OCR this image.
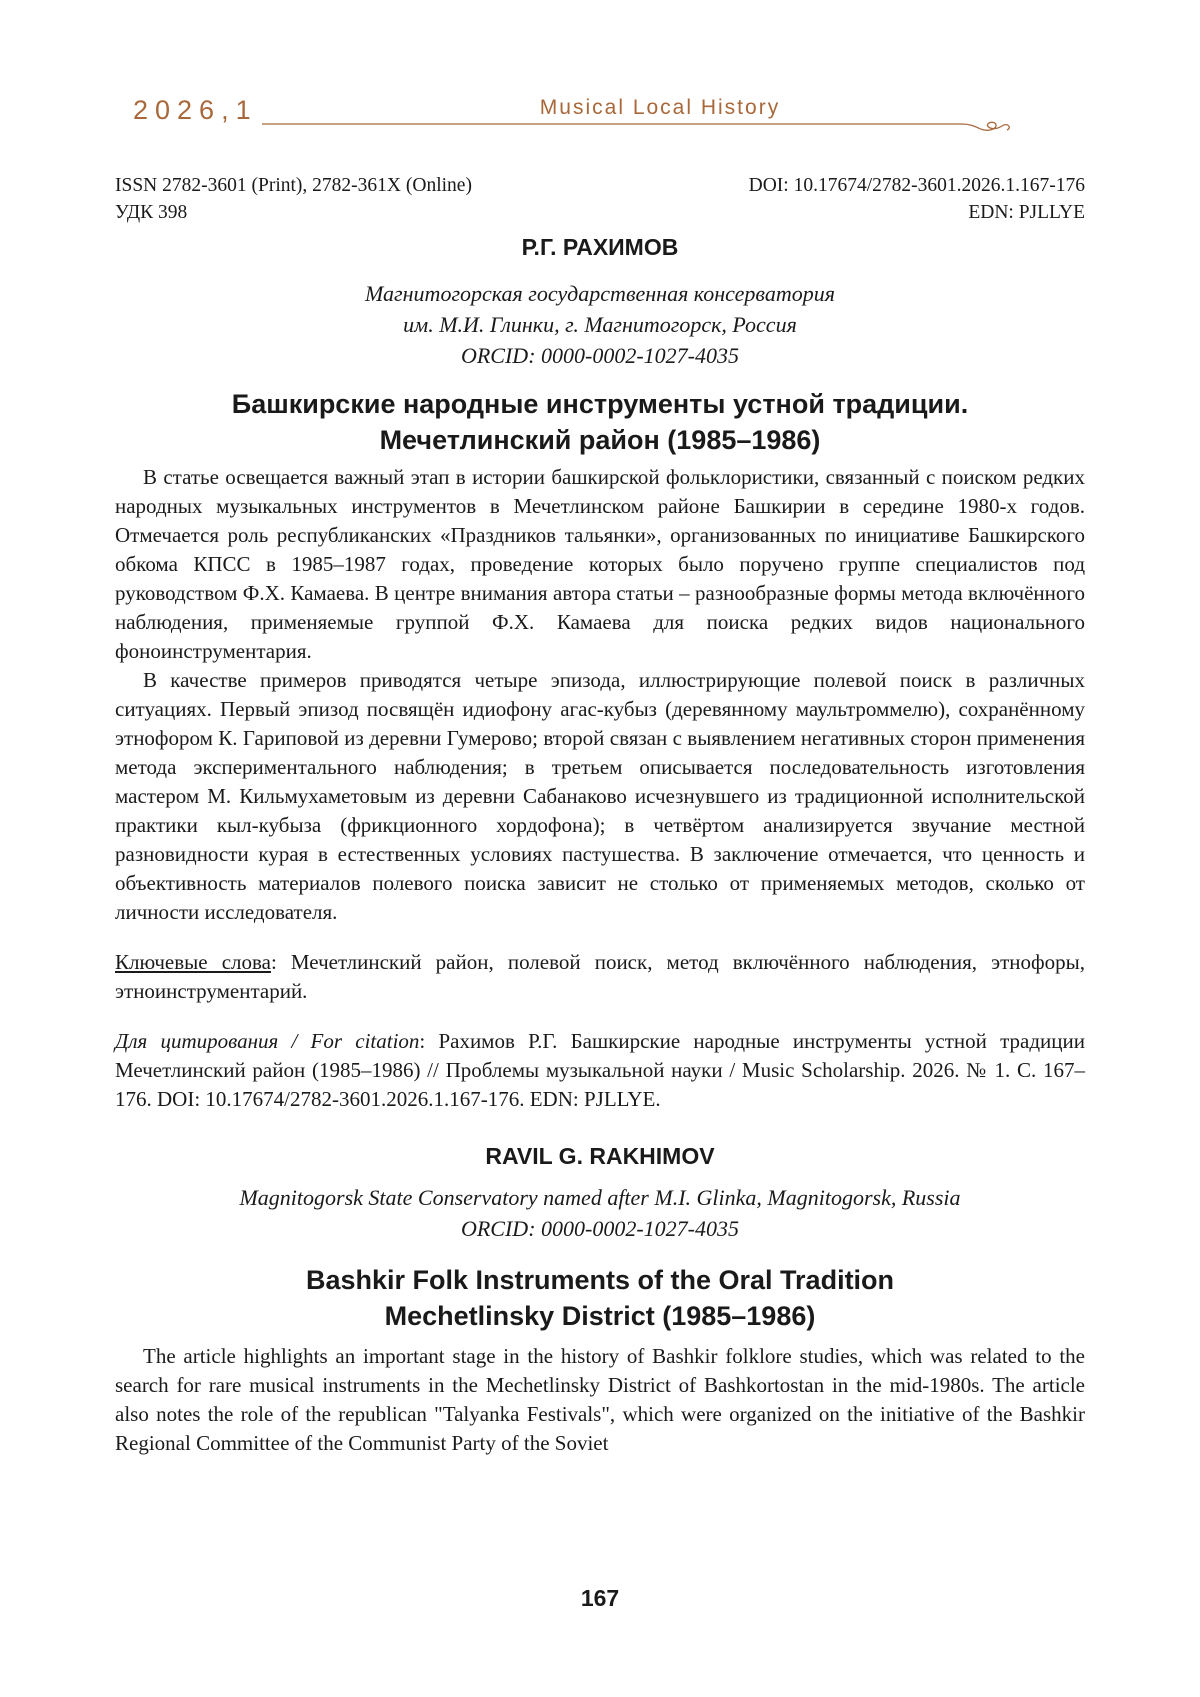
2026,1	Musical Local History
ISSN 2782-3601 (Print), 2782-361X (Online)	DOI: 10.17674/2782-3601.2026.1.167-176
УДК 398	EDN: PJLLYE
Р.Г. РАХИМОВ
Магнитогорская государственная консерватория
им. М.И. Глинки, г. Магнитогорск, Россия
ORCID: 0000-0002-1027-4035
Башкирские народные инструменты устной традиции.
Мечетлинский район (1985–1986)

В статье освещается важный этап в истории башкирской фольклористики, связанный с поиском редких народных музыкальных инструментов в Мечетлинском районе Башкирии в середине 1980-х годов. Отмечается роль республиканских «Праздников тальянки», организованных по инициативе Башкирского обкома КПСС в 1985–1987 годах, проведение которых было поручено группе специалистов под руководством Ф.Х. Камаева. В центре внимания автора статьи – разнообразные формы метода включённого наблюдения, применяемые группой Ф.Х. Камаева для поиска редких видов национального фоноинструментария.

В качестве примеров приводятся четыре эпизода, иллюстрирующие полевой поиск в различных ситуациях. Первый эпизод посвящён идиофону агас-кубыз (деревянному маультроммелю), сохранённому этнофором К. Гариповой из деревни Гумерово; второй связан с выявлением негативных сторон применения метода экспериментального наблюдения; в третьем описывается последовательность изготовления мастером М. Кильмухаметовым из деревни Сабанаково исчезнувшего из традиционной исполнительской практики кыл-кубыза (фрикционного хордофона); в четвёртом анализируется звучание местной разновидности курая в естественных условиях пастушества. В заключение отмечается, что ценность и объективность материалов полевого поиска зависит не столько от применяемых методов, сколько от личности исследователя.

Ключевые слова: Мечетлинский район, полевой поиск, метод включённого наблюдения, этнофоры, этноинструментарий.

Для цитирования / For citation: Рахимов Р.Г. Башкирские народные инструменты устной традиции Мечетлинский район (1985–1986) // Проблемы музыкальной науки / Music Scholarship. 2026. № 1. С. 167–176. DOI: 10.17674/2782-3601.2026.1.167-176. EDN: PJLLYE.

RAVIL G. RAKHIMOV
Magnitogorsk State Conservatory named after M.I. Glinka, Magnitogorsk, Russia
ORCID: 0000-0002-1027-4035
Bashkir Folk Instruments of the Oral Tradition
Mechetlinsky District (1985–1986)

The article highlights an important stage in the history of Bashkir folklore studies, which was related to the search for rare musical instruments in the Mechetlinsky District of Bashkortostan in the mid-1980s. The article also notes the role of the republican "Talyanka Festivals", which were organized on the initiative of the Bashkir Regional Committee of the Communist Party of the Soviet

167
